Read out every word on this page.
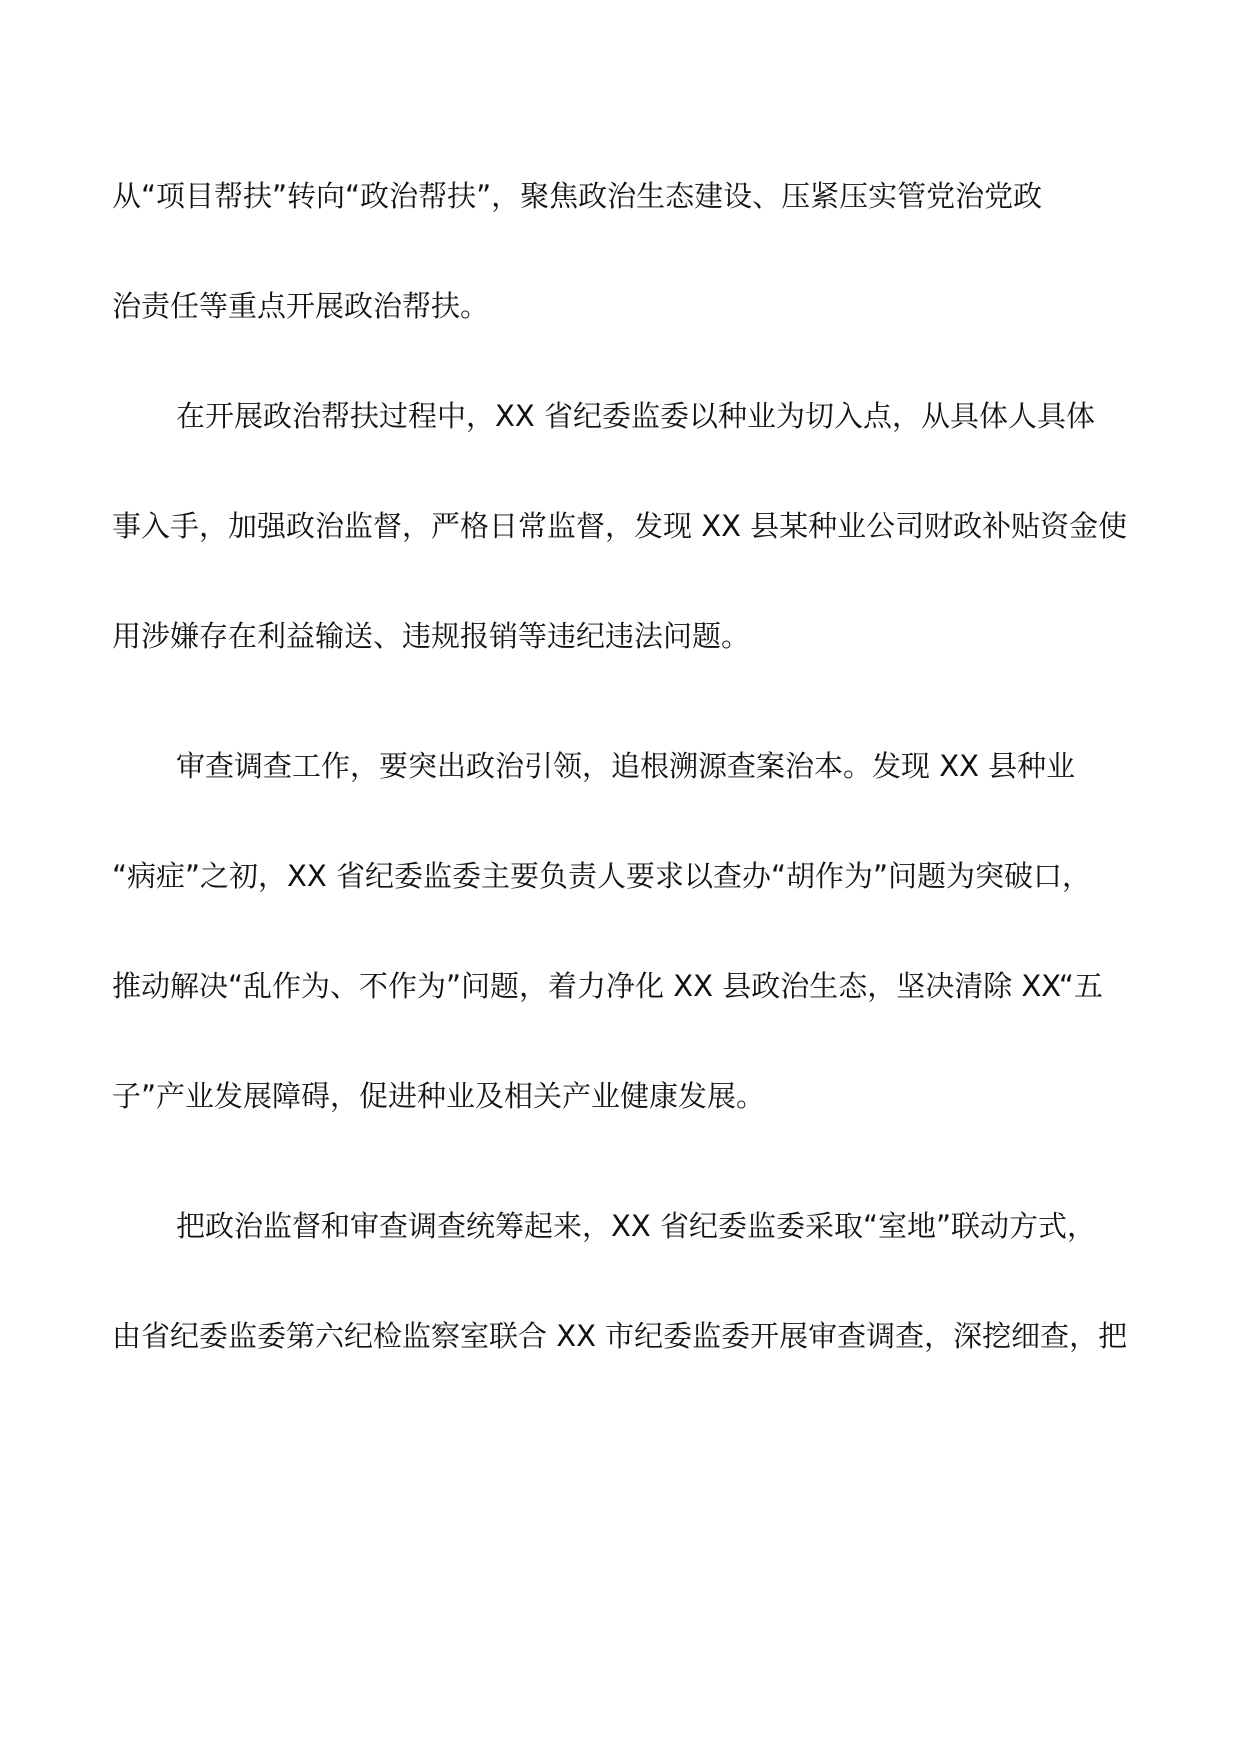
从“项目帮扶”转向“政治帮扶”，聚焦政治生态建设、压紧压实管党治党政

治责任等重点开展政治帮扶。

在开展政治帮扶过程中，XX 省纪委监委以种业为切入点，从具体人具体

事入手，加强政治监督，严格日常监督，发现 XX 县某种业公司财政补贴资金使

用涉嫌存在利益输送、违规报销等违纪违法问题。

审查调查工作，要突出政治引领，追根溯源查案治本。发现 XX 县种业

“病症”之初，XX 省纪委监委主要负责人要求以查办“胡作为”问题为突破口，

推动解决“乱作为、不作为”问题，着力净化 XX 县政治生态，坚决清除 XX“五

子”产业发展障碍，促进种业及相关产业健康发展。

把政治监督和审查调查统筹起来，XX 省纪委监委采取“室地”联动方式，

由省纪委监委第六纪检监察室联合 XX 市纪委监委开展审查调查，深挖细查，把
